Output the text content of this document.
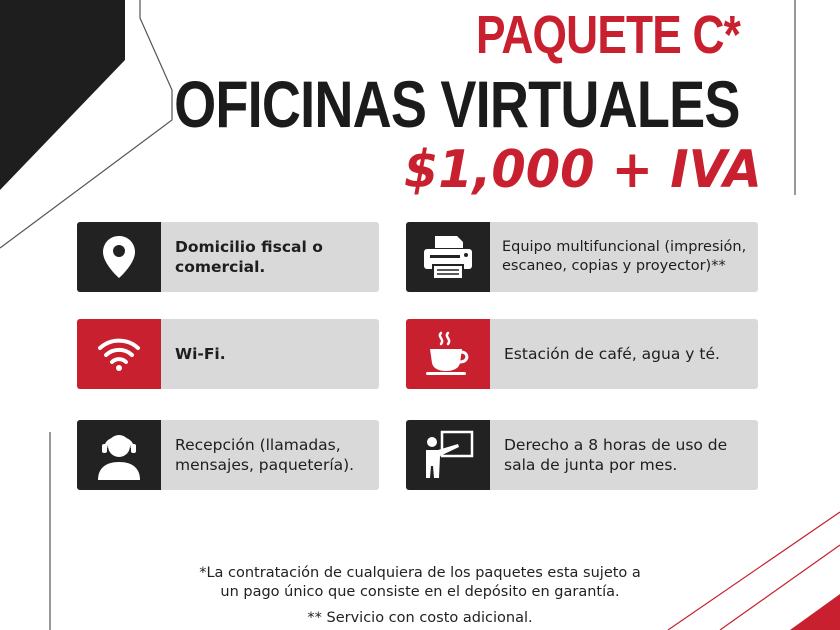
PAQUETE C*
OFICINAS VIRTUALES
$1,000 + IVA
Domicilio fiscal o comercial.
Equipo multifuncional (impresión, escaneo, copias y proyector)**
Wi-Fi.	Estación de café, agua y té.
Recepción (llamadas, mensajes, paquetería).
Derecho a 8 horas de uso de sala de junta por mes.
*La contratación de cualquiera de los paquetes esta sujeto a
un pago único que consiste en el depósito en garantía.
** Servicio con costo adicional.
